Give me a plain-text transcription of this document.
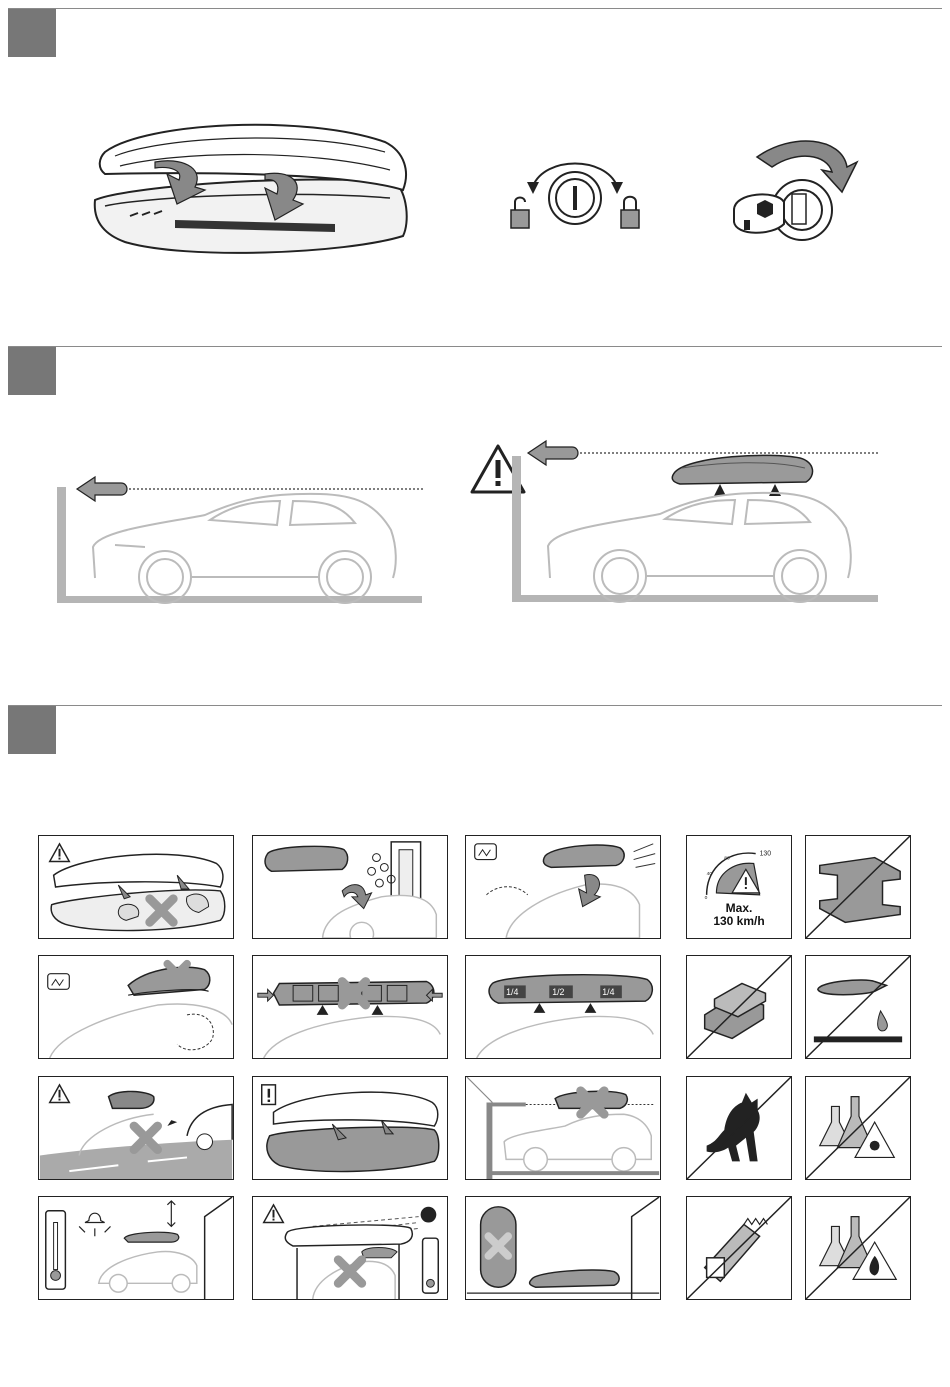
0
40
80
130
Max.
130 km/h
1/4	1/2	1/4
